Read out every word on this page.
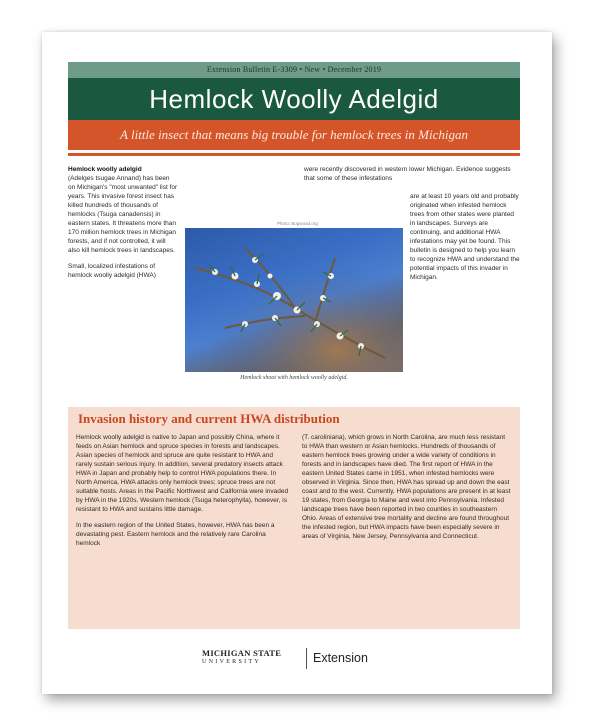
Extension Bulletin E-3309 • New • December 2019
Hemlock Woolly Adelgid
A little insect that means big trouble for hemlock trees in Michigan
Hemlock woolly adelgid

(Adelges tsugae Annand) has been on Michigan's "most unwanted" list for years. This invasive forest insect has killed hundreds of thousands of hemlocks (Tsuga canadensis) in eastern states. It threatens more than 170 million hemlock trees in Michigan forests, and if not controlled, it will also kill hemlock trees in landscapes.

Small, localized infestations of hemlock woolly adelgid (HWA)

were recently discovered in western lower Michigan. Evidence suggests that some of these infestations
are at least 10 years old and probably originated when infested hemlock trees from other states were planted in landscapes. Surveys are continuing, and additional HWA infestations may yet be found. This bulletin is designed to help you learn to recognize HWA and understand the potential impacts of this invader in Michigan.
Photo: Bugwood.org
Hemlock shoot with hemlock woolly adelgid.
Invasion history and current HWA distribution

Hemlock woolly adelgid is native to Japan and possibly China, where it feeds on Asian hemlock and spruce species in forests and landscapes. Asian species of hemlock and spruce are quite resistant to HWA and rarely sustain serious injury. In addition, several predatory insects attack HWA in Japan and probably help to control HWA populations there. In North America, HWA attacks only hemlock trees; spruce trees are not suitable hosts. Areas in the Pacific Northwest and California were invaded by HWA in the 1920s. Western hemlock (Tsuga heterophylla), however, is resistant to HWA and sustains little damage.

In the eastern region of the United States, however, HWA has been a devastating pest. Eastern hemlock and the relatively rare Carolina hemlock

(T. caroliniana), which grows in North Carolina, are much less resistant to HWA than western or Asian hemlocks. Hundreds of thousands of eastern hemlock trees growing under a wide variety of conditions in forests and in landscapes have died. The first report of HWA in the eastern United States came in 1951, when infested hemlocks were observed in Virginia. Since then, HWA has spread up and down the east coast and to the west. Currently, HWA populations are present in at least 19 states, from Georgia to Maine and west into Pennsylvania. Infested landscape trees have been reported in two counties in southeastern Ohio. Areas of extensive tree mortality and decline are found throughout the infested region, but HWA impacts have been especially severe in areas of Virginia, New Jersey, Pennsylvania and Connecticut.
MICHIGAN STATE
UNIVERSITY	Extension
